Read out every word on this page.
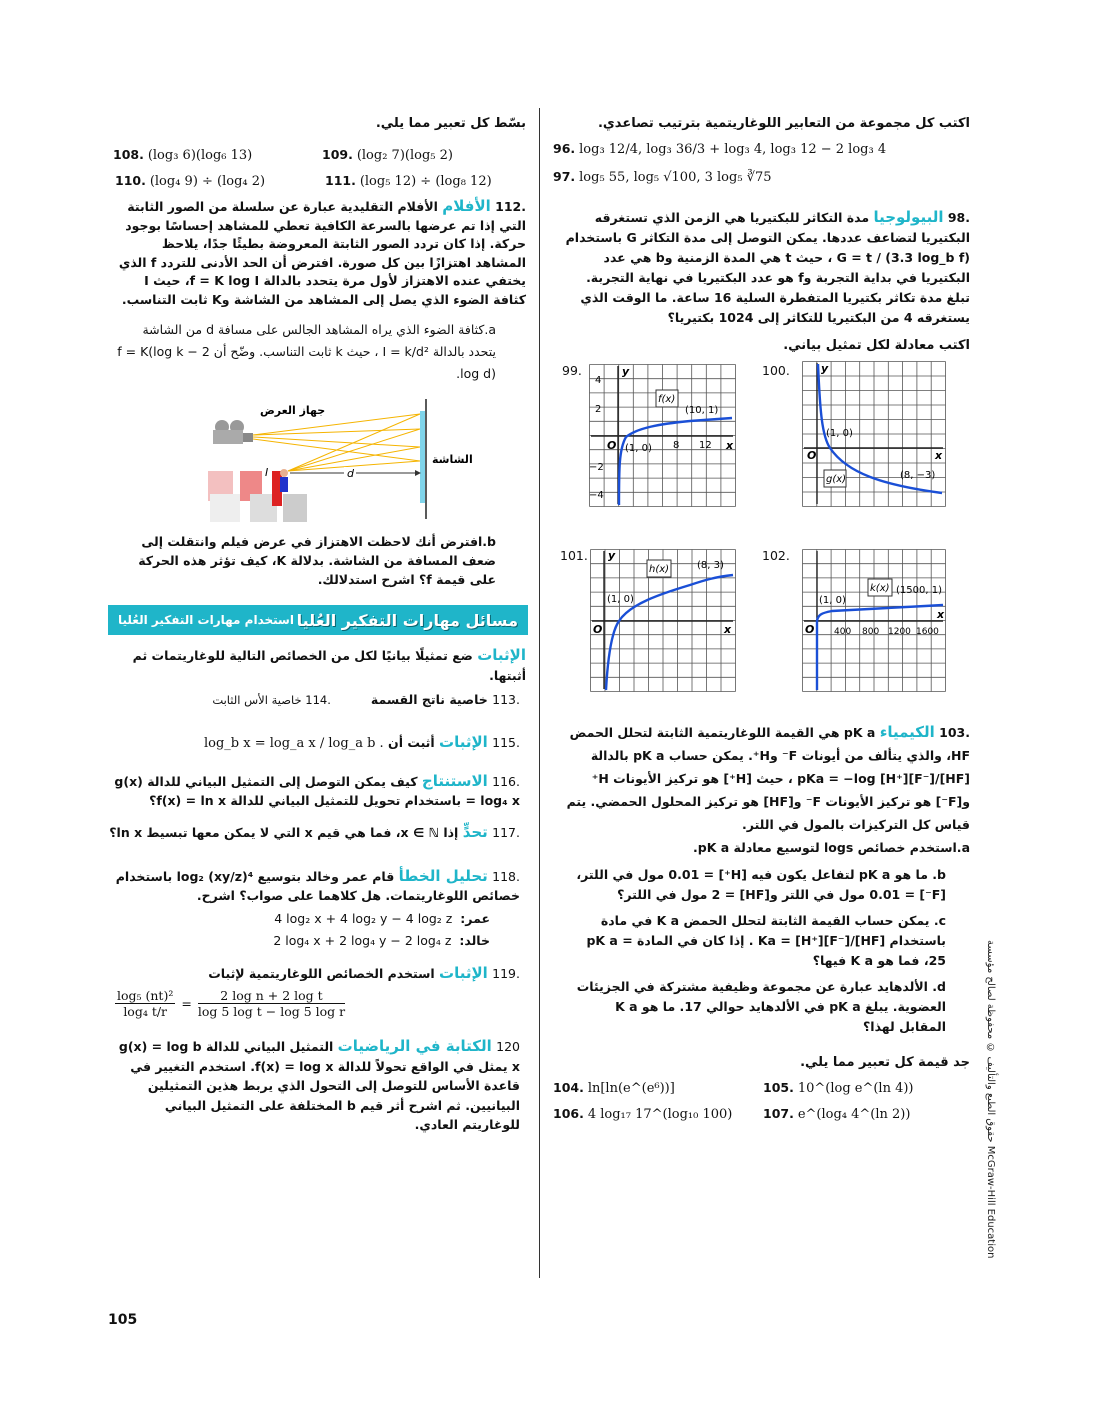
اكتب كل مجموعة من التعابير اللوغاريتمية بترتيب تصاعدي.
96. log₃ 12/4, log₃ 36/3 + log₃ 4, log₃ 12 − 2 log₃ 4
97. log₅ 55, log₅ √100, 3 log₅ ∛75
.98 البيولوجيا مدة التكاثر للبكتيريا هي الزمن الذي تستغرقه البكتيريا لتضاعف عددها. يمكن التوصل إلى مدة التكاثر G باستخدام G = t / (3.3 log_b f) ، حيث t هي المدة الزمنية وb هي عدد البكتيريا في بداية التجربة وf هو عدد البكتيريا في نهاية التجربة. تبلغ مدة تكاثر بكتيريا المتفطرة السلية 16 ساعة. ما الوقت الذي يستغرقه 4 من البكتيريا للتكاثر إلى 1024 بكتيريا؟
اكتب معادلة لكل تمثيل بياني.
99.
4
2
−2
−4
8 12
O	x
y
f(x)
(1, 0)
(10, 1)
100.
O	x
y
g(x)
(1, 0)
(8, −3)
101.
O	x
y
h(x)
(1, 0)
(8, 3)
102.
O
x
400 800 1200 1600
k(x)
(1, 0)
(1500, 1)
.103 الكيمياء pK a هي القيمة اللوغاريتمية الثابتة لتحلل الحمض HF، والذي يتألف من أيونات F⁻ وH⁺. يمكن حساب pK a بالدالة pKa = −log [H⁺][F⁻]/[HF] ، حيث [H⁺] هو تركيز الأيونات H⁺ و[F⁻] هو تركيز الأيونات F⁻ و[HF] هو تركيز المحلول الحمضي. يتم قياس كل التركيزات بالمول في اللتر.
a.استخدم خصائص logs لتوسيع معادلة pK a.
b. ما هو pK a لتفاعل يكون فيه [H⁺] = 0.01 مول في اللتر، [F⁻] = 0.01 مول في اللتر و[HF] = 2 مول في اللتر؟
c. يمكن حساب القيمة الثابتة لتحلل الحمض K a في مادة باستخدام Ka = [H⁺][F⁻]/[HF] . إذا كان في المادة pK a = 25، فما هو K a فيها؟
d. الألدهايد عبارة عن مجموعة وظيفية مشتركة في الجزيئات العضوية. يبلغ pK a في الألدهايد حوالي 17. ما هو K a المقابل لهذا؟
جد قيمة كل تعبير مما يلي.
104. ln[ln(e^(e⁶))]	105. 10^(log e^(ln 4))
106. 4 log₁₇ 17^(log₁₀ 100)	107. e^(log₄ 4^(ln 2))
بسّط كل تعبير مما يلي.
108. (log₃ 6)(log₆ 13)	109. (log₂ 7)(log₅ 2)
110. (log₄ 9) ÷ (log₄ 2)	111. (log₅ 12) ÷ (log₈ 12)
.112 الأفلام الأفلام التقليدية عبارة عن سلسلة من الصور الثابتة التي إذا تم عرضها بالسرعة الكافية تعطي للمشاهد إحساسًا بوجود حركة. إذا كان تردد الصور الثابتة المعروضة بطيئًا جدًا، يلاحظ المشاهد اهتزازًا بين كل صورة. افترض أن الحد الأدنى للتردد f الذي يختفي عنده الاهتزاز لأول مرة يتحدد بالدالة f = K log I، حيث I كثافة الضوء الذي يصل إلى المشاهد من الشاشة وK ثابت التناسب.
a.كثافة الضوء الذي يراه المشاهد الجالس على مسافة d من الشاشة يتحدد بالدالة I = k/d² ، حيث k ثابت التناسب. وضّح أن f = K(log k − 2 log d).
جهاز العرض
الشاشة
I	d
b.افترض أنك لاحظت الاهتزاز في عرض فيلم وانتقلت إلى ضعف المسافة من الشاشة. بدلالة K، كيف تؤثر هذه الحركة على قيمة f؟ اشرح استدلالك.
مسائل مهارات التفكير العُليا
استخدام مهارات التفكير العُليا
الإثبات ضع تمثيلًا بيانيًا لكل من الخصائص التالية للوغاريتمات ثم أثبتها.
.113 خاصية ناتج القسمة
.114 خاصية الأس الثابت
.115 الإثبات أثبت أن log_b x = log_a x / log_a b .
.116 الاستنتاج كيف يمكن التوصل إلى التمثيل البياني للدالة g(x) = log₄ x باستخدام تحويل للتمثيل البياني للدالة f(x) = ln x؟
.117 تحدٍّ إذا x ∈ ℕ، فما هي قيم x التي لا يمكن معها تبسيط ln x؟
.118 تحليل الخطأ قام عمر وخالد بتوسيع log₂ (xy/z)⁴ باستخدام خصائص اللوغاريتمات. هل كلاهما على صواب؟ اشرح.
عمر:  4 log₂ x + 4 log₂ y − 4 log₂ z
خالد:  2 log₄ x + 2 log₄ y − 2 log₄ z
.119 الإثبات استخدم الخصائص اللوغاريتمية لإثبات
$\frac{\text{log₅ (nt)²}}{\text{log₄ t/r}} = \frac{\text{2 log n + 2 log t}}{\text{log 5 log t − log 5 log r}}$
120 الكتابة في الرياضيات التمثيل البياني للدالة g(x) = log b x يمثل في الواقع تحولاً للدالة f(x) = log x. استخدم التغيير في قاعدة الأساس للتوصل إلى التحول الذي يربط هذين التمثيلين البيانيين. ثم اشرح أثر قيم b المختلفة على التمثيل البياني للوغاريتم العادي.
105
حقوق الطبع والتأليف © محفوظة لصالح مؤسسة McGraw-Hill Education
